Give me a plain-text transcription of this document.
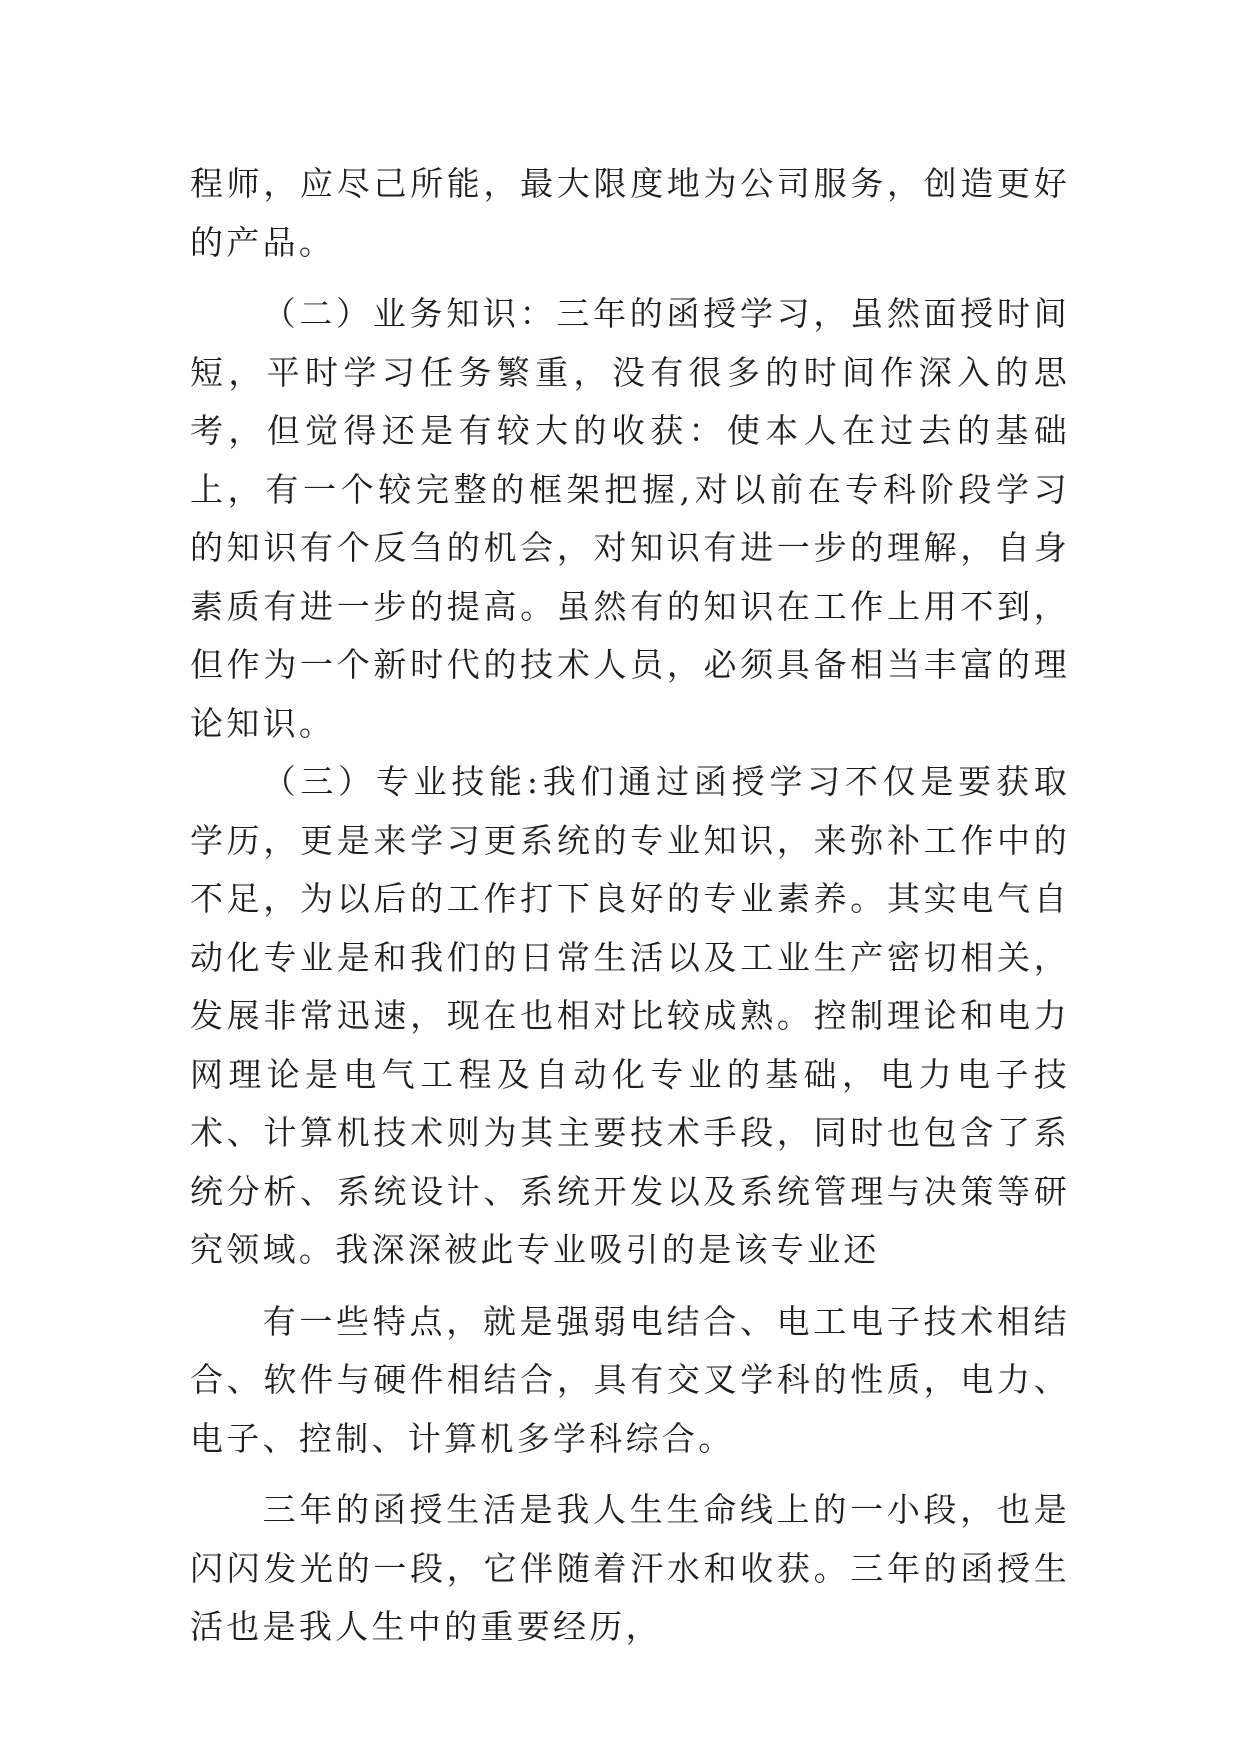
程师，应尽己所能，最大限度地为公司服务，创造更好的产品。

（二）业务知识：三年的函授学习，虽然面授时间短，平时学习任务繁重，没有很多的时间作深入的思考，但觉得还是有较大的收获：使本人在过去的基础上，有一个较完整的框架把握,对以前在专科阶段学习的知识有个反刍的机会，对知识有进一步的理解，自身素质有进一步的提高。虽然有的知识在工作上用不到，但作为一个新时代的技术人员，必须具备相当丰富的理论知识。

（三）专业技能:我们通过函授学习不仅是要获取学历，更是来学习更系统的专业知识，来弥补工作中的不足，为以后的工作打下良好的专业素养。其实电气自动化专业是和我们的日常生活以及工业生产密切相关，发展非常迅速，现在也相对比较成熟。控制理论和电力网理论是电气工程及自动化专业的基础，电力电子技术、计算机技术则为其主要技术手段，同时也包含了系统分析、系统设计、系统开发以及系统管理与决策等研究领域。我深深被此专业吸引的是该专业还

有一些特点，就是强弱电结合、电工电子技术相结合、软件与硬件相结合，具有交叉学科的性质，电力、电子、控制、计算机多学科综合。

三年的函授生活是我人生生命线上的一小段，也是闪闪发光的一段，它伴随着汗水和收获。三年的函授生活也是我人生中的重要经历，
